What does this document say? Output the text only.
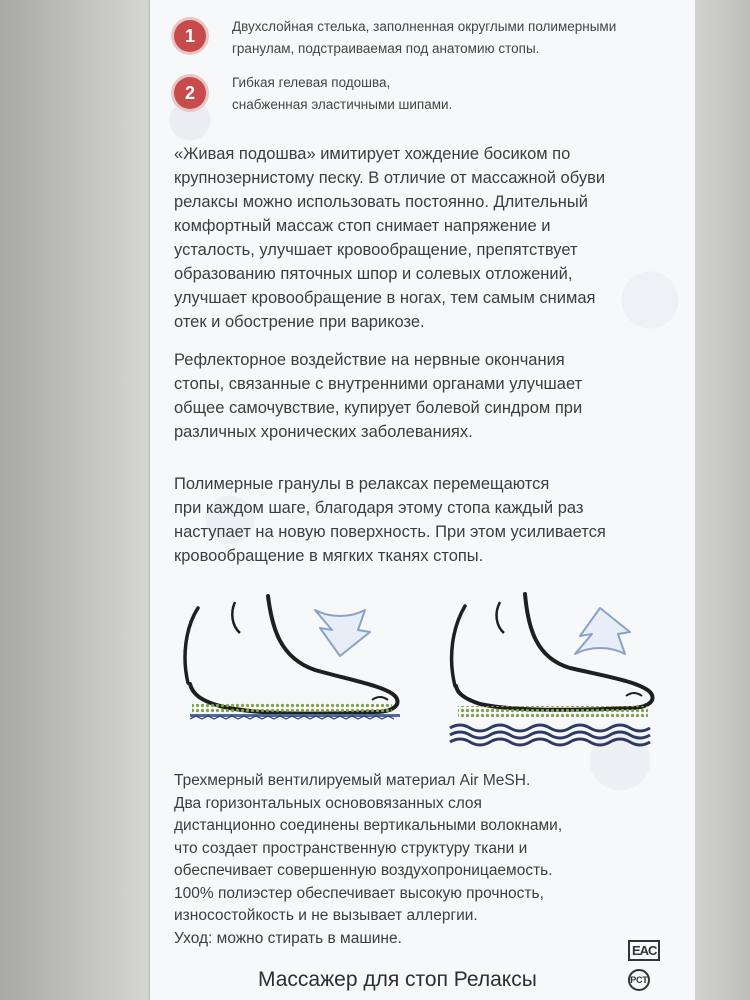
1	Двухслойная стелька, заполненная округлыми полимерными
гранулам, подстраиваемая под анатомию стопы.
2
Гибкая гелевая подошва,
снабженная эластичными шипами.
«Живая подошва» имитирует хождение босиком по
крупнозернистому песку. В отличие от массажной обуви
релаксы можно использовать постоянно. Длительный
комфортный массаж стоп снимает напряжение и
усталость, улучшает кровообращение, препятствует
образованию пяточных шпор и солевых отложений,
улучшает кровообращение в ногах, тем самым снимая
отек и обострение при варикозе.
Рефлекторное воздействие на нервные окончания
стопы, связанные с внутренними органами улучшает
общее самочувствие, купирует болевой синдром при
различных хронических заболеваниях.
Полимерные гранулы в релаксах перемещаются
при каждом шаге, благодаря этому стопа каждый раз
наступает на новую поверхность. При этом усиливается
кровообращение в мягких тканях стопы.
Трехмерный вентилируемый материал Air MeSH.
Два горизонтальных основовязанных слоя
дистанционно соединены вертикальными волокнами,
что создает пространственную структуру ткани и
обеспечивает совершенную воздухопроницаемость.
100% полиэстер обеспечивает высокую прочность,
износостойкость и не вызывает аллергии.
Уход: можно стирать в машине.
EAC
РСТ
Массажер для стоп Релаксы
